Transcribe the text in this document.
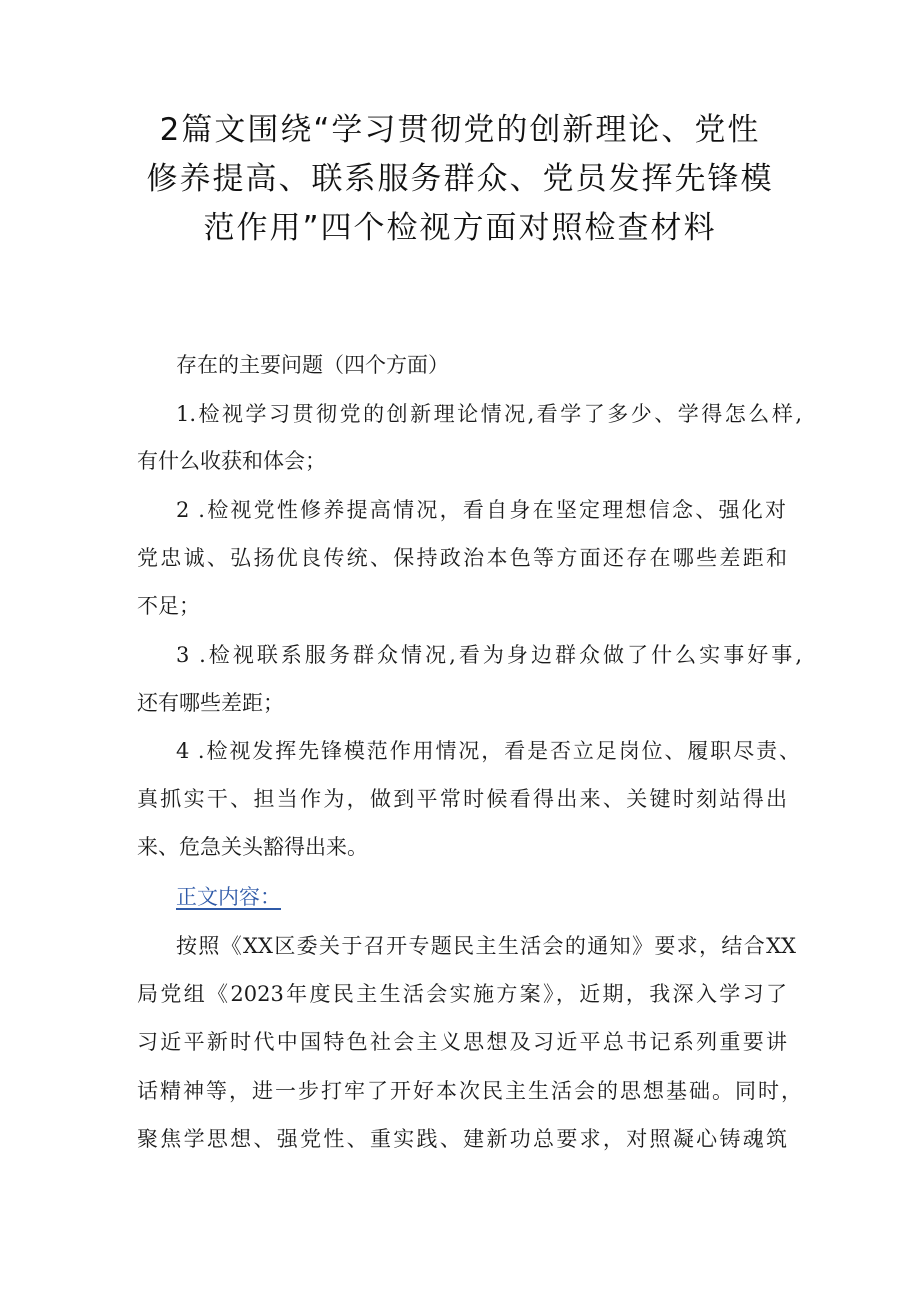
2篇文围绕“学习贯彻党的创新理论、党性
修养提高、联系服务群众、党员发挥先锋模
范作用”四个检视方面对照检查材料
存在的主要问题（四个方面）
1.检视学习贯彻党的创新理论情况,看学了多少、学得怎么样,
有什么收获和体会；
2 .检视党性修养提高情况，看自身在坚定理想信念、强化对
党忠诚、弘扬优良传统、保持政治本色等方面还存在哪些差距和
不足；
3 .检视联系服务群众情况,看为身边群众做了什么实事好事,
还有哪些差距；
4 .检视发挥先锋模范作用情况，看是否立足岗位、履职尽责、
真抓实干、担当作为，做到平常时候看得出来、关键时刻站得出
来、危急关头豁得出来。
正文内容：
按照《XX区委关于召开专题民主生活会的通知》要求，结合XX
局党组《2023年度民主生活会实施方案》，近期，我深入学习了
习近平新时代中国特色社会主义思想及习近平总书记系列重要讲
话精神等，进一步打牢了开好本次民主生活会的思想基础。同时，
聚焦学思想、强党性、重实践、建新功总要求，对照凝心铸魂筑
